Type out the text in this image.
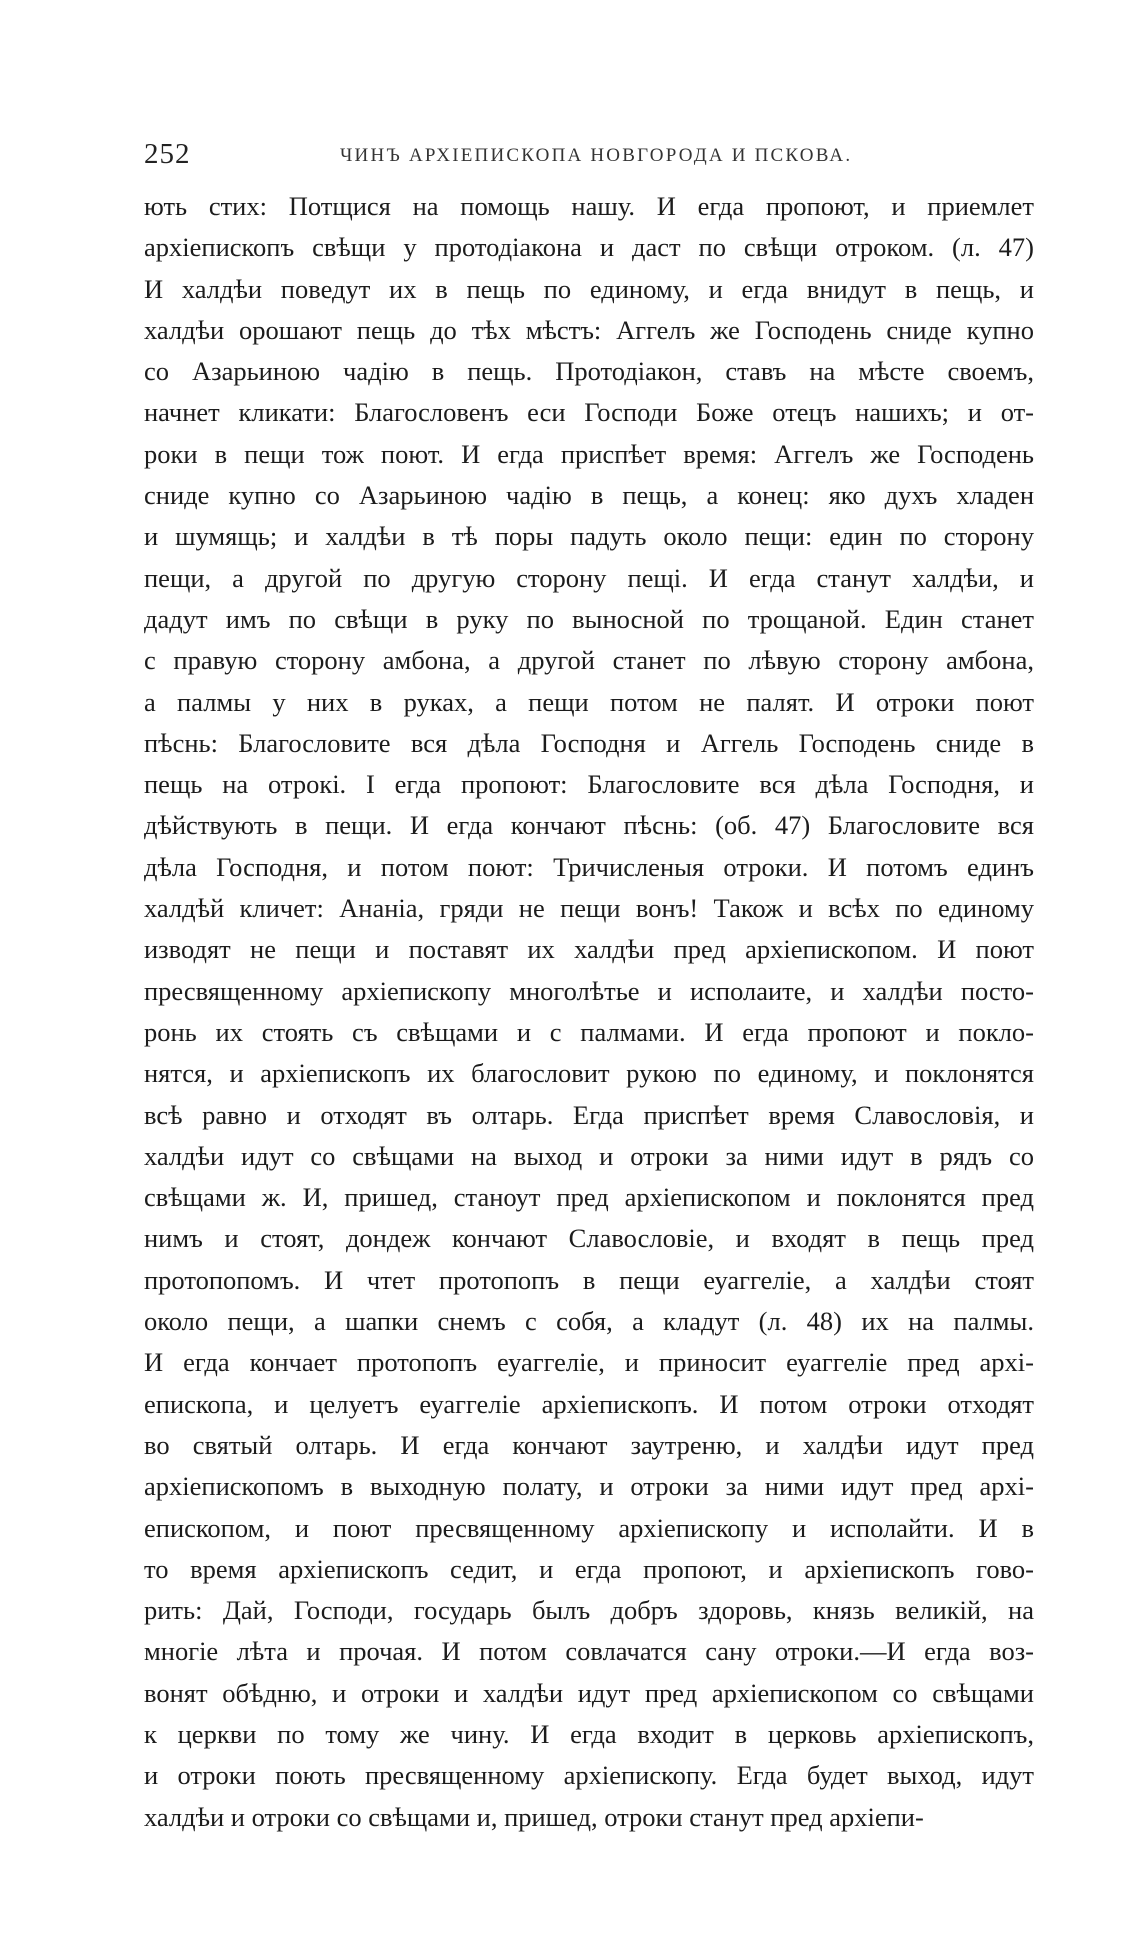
252	ЧИНЪ АРХІЕПИСКОПА НОВГОРОДА И ПСКОВА.
ють стих: Потщися на помощь нашу. И егда пропоют, и приемлет
архіепископъ свѣщи у протодіакона и даст по свѣщи отроком. (л. 47)
И халдѣи поведут их в пещь по единому, и егда внидут в пещь, и
халдѣи орошают пещь до тѣх мѣстъ: Аггелъ же Господень сниде купно
со Азарьиною чадію в пещь. Протодіакон, ставъ на мѣсте своемъ,
начнет кликати: Благословенъ еси Господи Боже отецъ нашихъ; и от-
роки в пещи тож поют. И егда приспѣет время: Аггелъ же Господень
сниде купно со Азарьиною чадію в пещь, а конец: яко духъ хладен
и шумящь; и халдѣи в тѣ поры падуть около пещи: един по сторону
пещи, а другой по другую сторону пещі. И егда станут халдѣи, и
дадут имъ по свѣщи в руку по выносной по трощаной. Един станет
с правую сторону амбона, а другой станет по лѣвую сторону амбона,
а палмы у них в руках, а пещи потом не палят. И отроки поют
пѣснь: Благословите вся дѣла Господня и Аггель Господень сниде в
пещь на отрокі. І егда пропоют: Благословите вся дѣла Господня, и
дѣйствують в пещи. И егда кончают пѣснь: (об. 47) Благословите вся
дѣла Господня, и потом поют: Тричисленыя отроки. И потомъ единъ
халдѣй кличет: Ананіа, гряди не пещи вонъ! Також и всѣх по единому
изводят не пещи и поставят их халдѣи пред архіепископом. И поют
пресвященному архіепископу многолѣтье и исполаите, и халдѣи посто-
ронь их стоять съ свѣщами и с палмами. И егда пропоют и покло-
нятся, и архіепископъ их благословит рукою по единому, и поклонятся
всѣ равно и отходят въ олтарь. Егда приспѣет время Славословія, и
халдѣи идут со свѣщами на выход и отроки за ними идут в рядъ со
свѣщами ж. И, пришед, станоут пред архіепископом и поклонятся пред
нимъ и стоят, дондеж кончают Славословіе, и входят в пещь пред
протопопомъ. И чтет протопопъ в пещи еуаггеліе, а халдѣи стоят
около пещи, а шапки снемъ с собя, а кладут (л. 48) их на палмы.
И егда кончает протопопъ еуаггеліе, и приносит еуаггеліе пред архі-
епископа, и целуетъ еуаггеліе архіепископъ. И потом отроки отходят
во святый олтарь. И егда кончают заутреню, и халдѣи идут пред
архіепископомъ в выходную полату, и отроки за ними идут пред архі-
епископом, и поют пресвященному архіепископу и исполайти. И в
то время архіепископъ седит, и егда пропоют, и архіепископъ гово-
рить: Дай, Господи, государь былъ добръ здоровь, князь великій, на
многіе лѣта и прочая. И потом совлачатся сану отроки.—И егда воз-
вонят обѣдню, и отроки и халдѣи идут пред архіепископом со свѣщами
к церкви по тому же чину. И егда входит в церковь архіепископъ,
и отроки поють пресвященному архіепископу. Егда будет выход, идут
халдѣи и отроки со свѣщами и, пришед, отроки станут пред архіепи-
